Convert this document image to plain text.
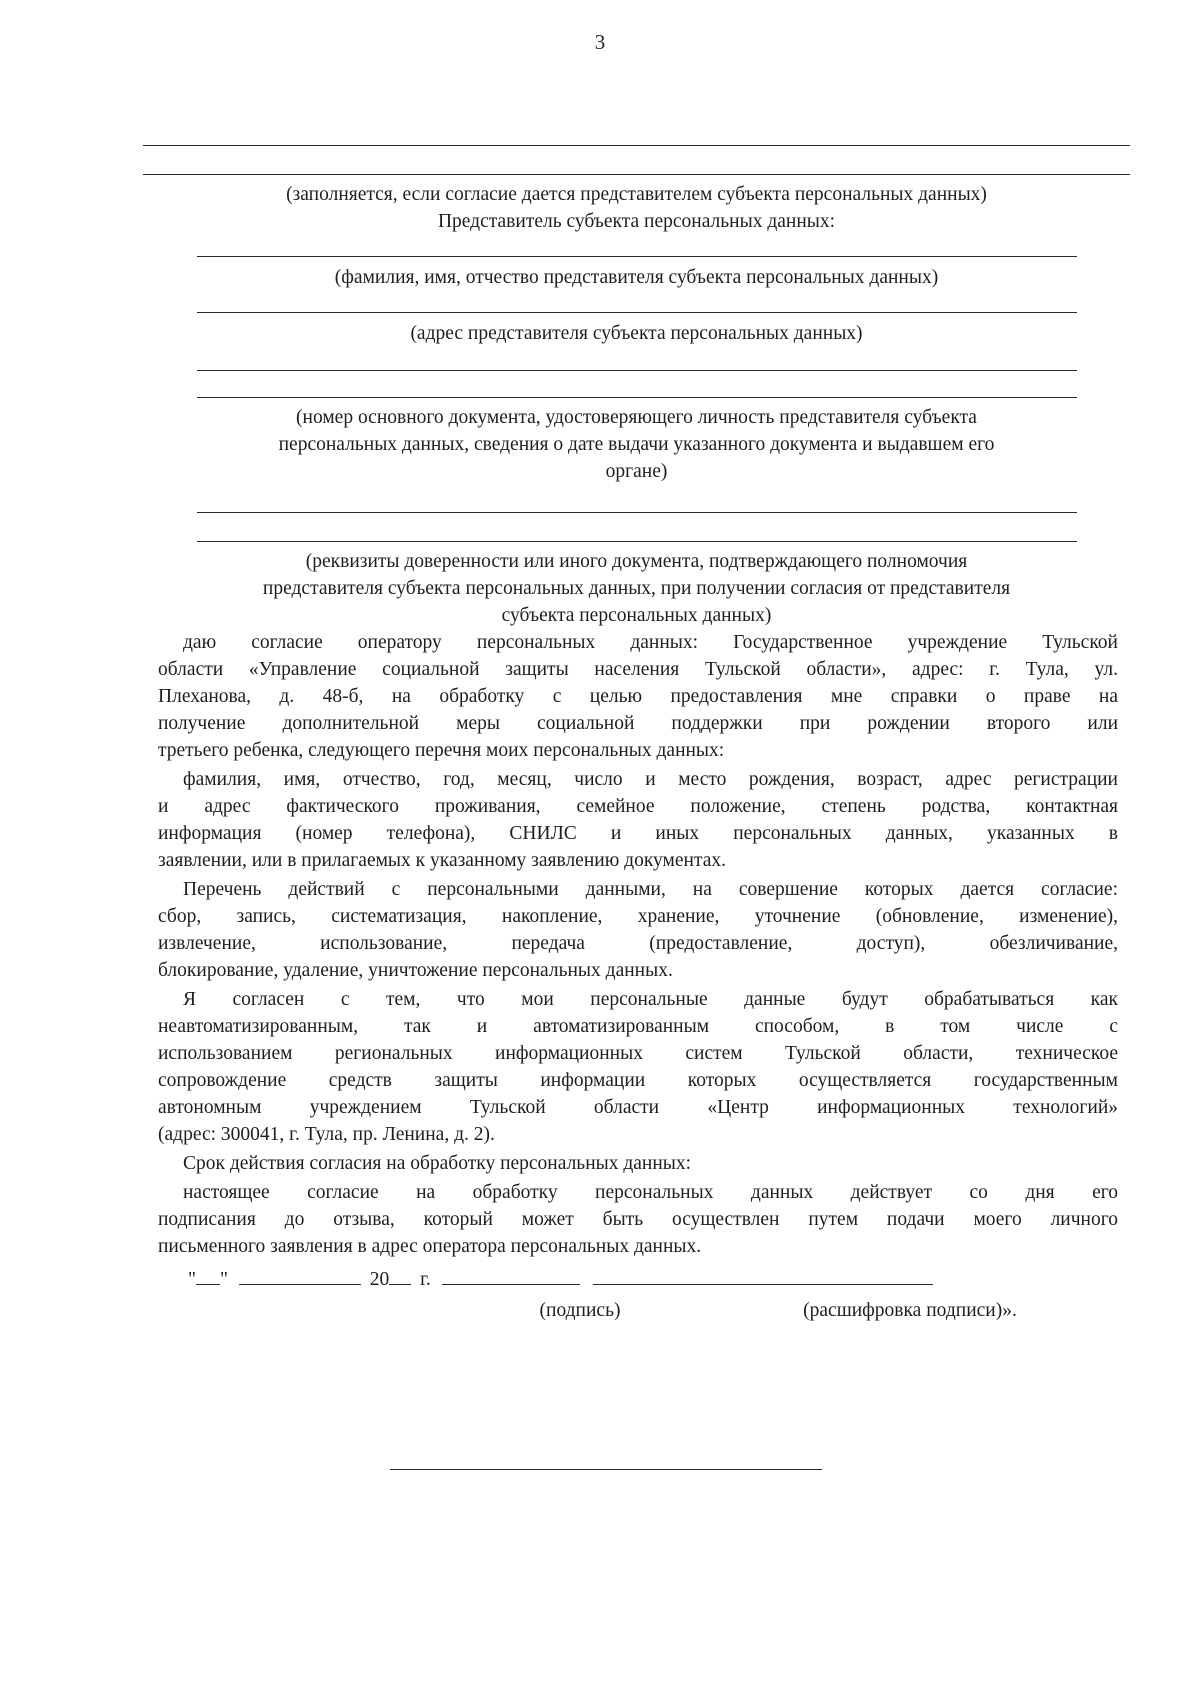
3
(заполняется, если согласие дается представителем субъекта персональных данных)
Представитель субъекта персональных данных:
(фамилия, имя, отчество представителя субъекта персональных данных)
(адрес представителя субъекта персональных данных)
(номер основного документа, удостоверяющего личность представителя субъекта
персональных данных, сведения о дате выдачи указанного документа и выдавшем его
органе)
(реквизиты доверенности или иного документа, подтверждающего полномочия
представителя субъекта персональных данных, при получении согласия от представителя
субъекта персональных данных)
даю согласие оператору персональных данных: Государственное учреждение Тульской
области «Управление социальной защиты населения Тульской области», адрес: г. Тула, ул.
Плеханова, д. 48-б, на обработку с целью предоставления мне справки о праве на
получение дополнительной меры социальной поддержки при рождении второго или
третьего ребенка, следующего перечня моих персональных данных:
фамилия, имя, отчество, год, месяц, число и место рождения, возраст, адрес регистрации
и адрес фактического проживания, семейное положение, степень родства, контактная
информация (номер телефона), СНИЛС и иных персональных данных, указанных в
заявлении, или в прилагаемых к указанному заявлению документах.
Перечень действий с персональными данными, на совершение которых дается согласие:
сбор, запись, систематизация, накопление, хранение, уточнение (обновление, изменение),
извлечение, использование, передача (предоставление, доступ), обезличивание,
блокирование, удаление, уничтожение персональных данных.
Я согласен с тем, что мои персональные данные будут обрабатываться как
неавтоматизированным, так и автоматизированным способом, в том числе с
использованием региональных информационных систем Тульской области, техническое
сопровождение средств защиты информации которых осуществляется государственным
автономным учреждением Тульской области «Центр информационных технологий»
(адрес: 300041, г. Тула, пр. Ленина, д. 2).
Срок действия согласия на обработку персональных данных:
настоящее согласие на обработку персональных данных действует со дня его
подписания до отзыва, который может быть осуществлен путем подачи моего личного
письменного заявления в адрес оператора персональных данных.
" "	20 г.
(подпись)	(расшифровка подписи)».
